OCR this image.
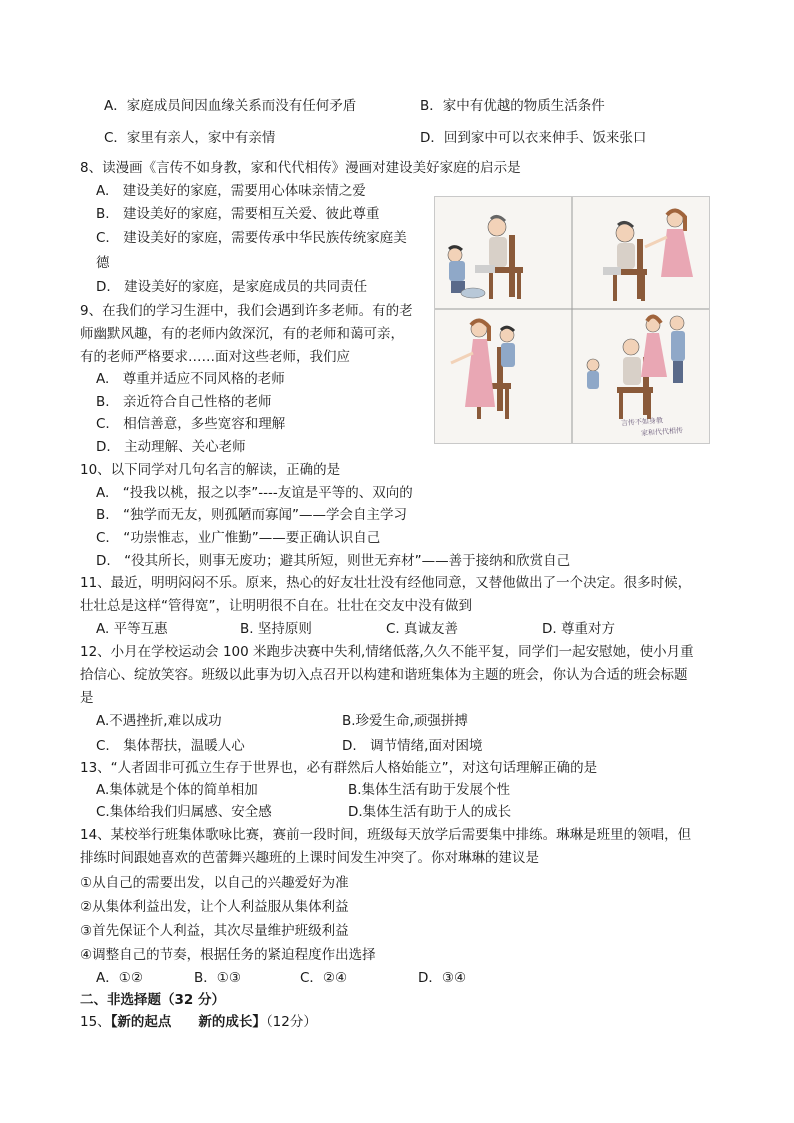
A．家庭成员间因血缘关系而没有任何矛盾	B．家中有优越的物质生活条件
C．家里有亲人，家中有亲情	D．回到家中可以衣来伸手、饭来张口
8、读漫画《言传不如身教，家和代代相传》漫画对建设美好家庭的启示是
A.　建设美好的家庭，需要用心体味亲情之爱
B.　建设美好的家庭，需要相互关爱、彼此尊重
C.　建设美好的家庭，需要传承中华民族传统家庭美
德
D.　建设美好的家庭，是家庭成员的共同责任
言传不如身教
家和代代相传
9、在我们的学习生涯中，我们会遇到许多老师。有的老
师幽默风趣，有的老师内敛深沉，有的老师和蔼可亲，
有的老师严格要求……面对这些老师，我们应
A.　尊重并适应不同风格的老师
B.　亲近符合自己性格的老师
C.　相信善意，多些宽容和理解
D.　主动理解、关心老师
10、以下同学对几句名言的解读，正确的是
A.　“投我以桃，报之以李”----友谊是平等的、双向的
B.　“独学而无友，则孤陋而寡闻”——学会自主学习
C.　“功崇惟志，业广惟勤”——要正确认识自己
D.　“役其所长，则事无废功；避其所短，则世无弃材”——善于接纳和欣赏自己
11、最近，明明闷闷不乐。原来，热心的好友壮壮没有经他同意，又替他做出了一个决定。很多时候，
壮壮总是这样“管得宽”，让明明很不自在。壮壮在交友中没有做到
A. 平等互惠	B. 坚持原则	C. 真诚友善	D. 尊重对方
12、小月在学校运动会 100 米跑步决赛中失利,情绪低落,久久不能平复，同学们一起安慰她，使小月重
拾信心、绽放笑容。班级以此事为切入点召开以构建和谐班集体为主题的班会，你认为合适的班会标题
是
A.不遇挫折,难以成功	B.珍爱生命,顽强拼搏
C.　集体帮扶，温暖人心	D.　调节情绪,面对困境
13、“人者固非可孤立生存于世界也，必有群然后人格始能立”，对这句话理解正确的是
A.集体就是个体的简单相加	B.集体生活有助于发展个性
C.集体给我们归属感、安全感	D.集体生活有助于人的成长
14、某校举行班集体歌咏比赛，赛前一段时间，班级每天放学后需要集中排练。琳琳是班里的领唱，但
排练时间跟她喜欢的芭蕾舞兴趣班的上课时间发生冲突了。你对琳琳的建议是
①从自己的需要出发，以自己的兴趣爱好为准
②从集体利益出发，让个人利益服从集体利益
③首先保证个人利益，其次尽量维护班级利益
④调整自己的节奏，根据任务的紧迫程度作出选择
A．①②	B．①③	C．②④	D．③④
二、非选择题（32 分）
15、【新的起点　　新的成长】（12分）
